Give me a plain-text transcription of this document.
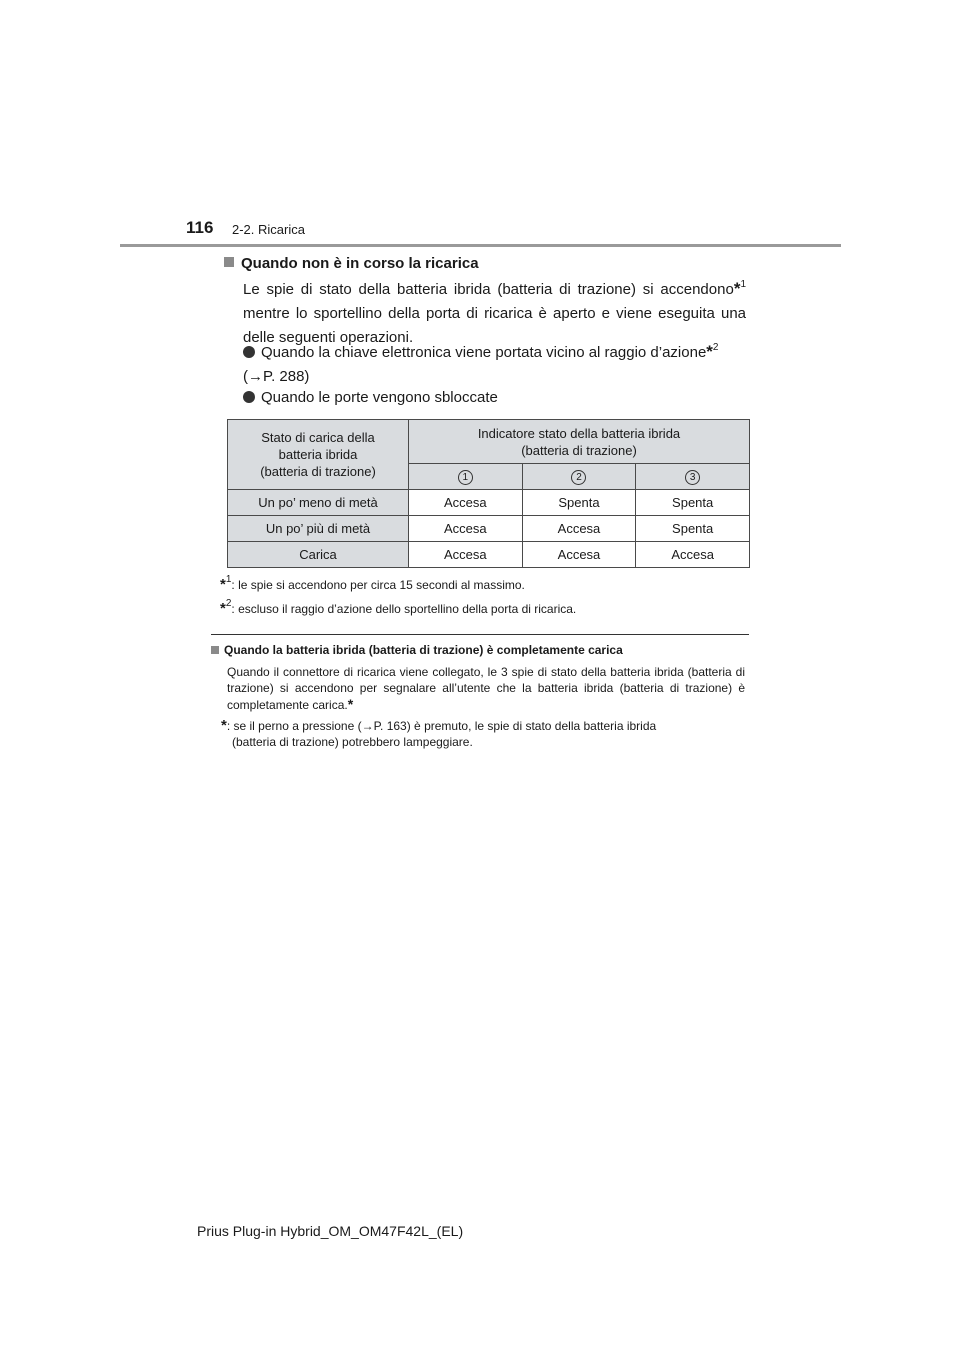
116 2-2. Ricarica
Quando non è in corso la ricarica
Le spie di stato della batteria ibrida (batteria di trazione) si accendono*$^1$ mentre lo sportellino della porta di ricarica è aperto e viene eseguita una delle seguenti operazioni.
Quando la chiave elettronica viene portata vicino al raggio d’azione*$^2$
(→P. 288)
Quando le porte vengono sbloccate
Stato di carica della
batteria ibrida
(batteria di trazione)	Indicatore stato della batteria ibrida
(batteria di trazione)		
	1	2	3
Un po’ meno di metà	Accesa	Spenta	Spenta
Un po’ più di metà	Accesa	Accesa	Spenta
Carica	Accesa	Accesa	Accesa
*$^1$: le spie si accendono per circa 15 secondi al massimo.
*$^2$: escluso il raggio d’azione dello sportellino della porta di ricarica.
Quando la batteria ibrida (batteria di trazione) è completamente carica
Quando il connettore di ricarica viene collegato, le 3 spie di stato della batteria ibrida (batteria di trazione) si accendono per segnalare all’utente che la batteria ibrida (batteria di trazione) è completamente carica.*
*: se il perno a pressione (→P. 163) è premuto, le spie di stato della batteria ibrida
(batteria di trazione) potrebbero lampeggiare.
Prius Plug-in Hybrid_OM_OM47F42L_(EL)
